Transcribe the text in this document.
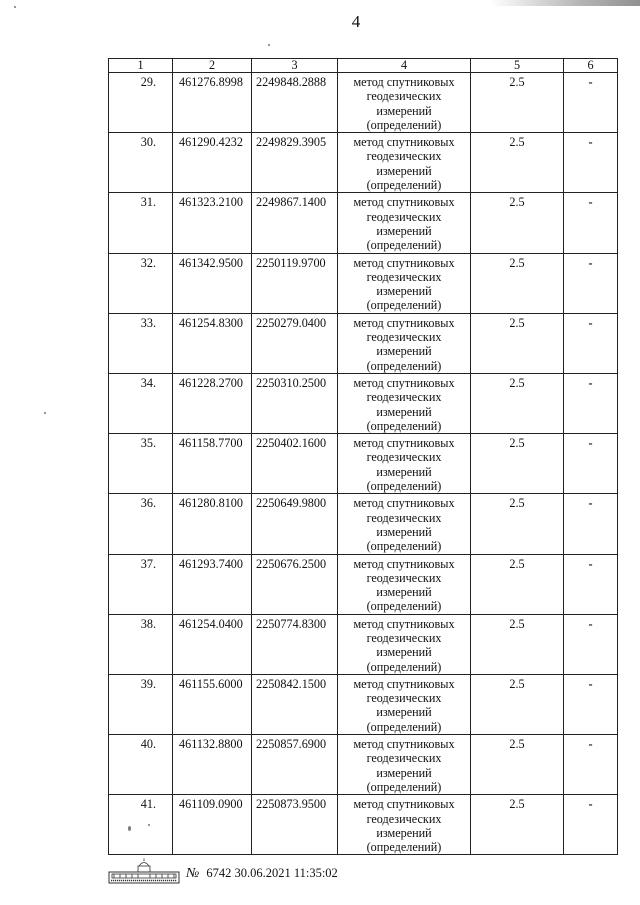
4
1	2	3	4	5	6
29.	461276.8998	2249848.2888	метод спутниковых
геодезических
измерений
(определений)	2.5	-
30.	461290.4232	2249829.3905	метод спутниковых
геодезических
измерений
(определений)	2.5	-
31.	461323.2100	2249867.1400	метод спутниковых
геодезических
измерений
(определений)	2.5	-
32.	461342.9500	2250119.9700	метод спутниковых
геодезических
измерений
(определений)	2.5	-
33.	461254.8300	2250279.0400	метод спутниковых
геодезических
измерений
(определений)	2.5	-
34.	461228.2700	2250310.2500	метод спутниковых
геодезических
измерений
(определений)	2.5	-
35.	461158.7700	2250402.1600	метод спутниковых
геодезических
измерений
(определений)	2.5	-
36.	461280.8100	2250649.9800	метод спутниковых
геодезических
измерений
(определений)	2.5	-
37.	461293.7400	2250676.2500	метод спутниковых
геодезических
измерений
(определений)	2.5	-
38.	461254.0400	2250774.8300	метод спутниковых
геодезических
измерений
(определений)	2.5	-
39.	461155.6000	2250842.1500	метод спутниковых
геодезических
измерений
(определений)	2.5	-
40.	461132.8800	2250857.6900	метод спутниковых
геодезических
измерений
(определений)	2.5	-
41.	461109.0900	2250873.9500	метод спутниковых
геодезических
измерений
(определений)	2.5	-
№ 6742 30.06.2021 11:35:02
